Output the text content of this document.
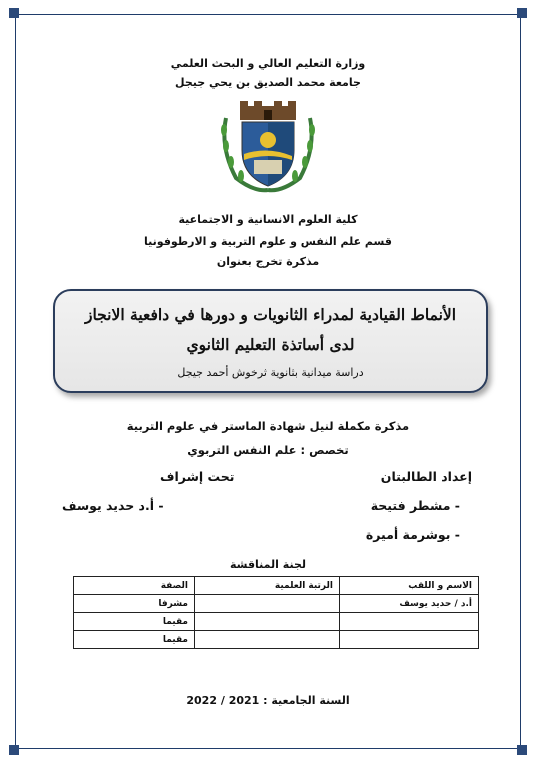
وزارة التعليم العالي و البحث العلمي
جامعة محمد الصديق بن يحي جيجل
كلية العلوم الانسانية و الاجتماعية
قسم علم النفس و علوم التربية و الارطوفونيا
مذكرة تخرج بعنوان
الأنماط القيادية لمدراء الثانويات و دورها في دافعية الانجاز
لدى أساتذة التعليم الثانوي
دراسة ميدانية بثانوية ثرخوش أحمد جيجل
مذكرة مكملة لنيل شهادة الماستر في علوم التربية
تخصص : علم النفس التربوي
إعداد الطالبتان
- مشطر فتيحة
- بوشرمة أميرة
تحت إشراف
- أ.د حديد يوسف
لجنة المناقشة
الاسم و اللقب	الرتبة العلمية	الصفة
أ.د / حديد يوسف		مشرفا
		مقيما
		مقيما
السنة الجامعية : 2021 / 2022
